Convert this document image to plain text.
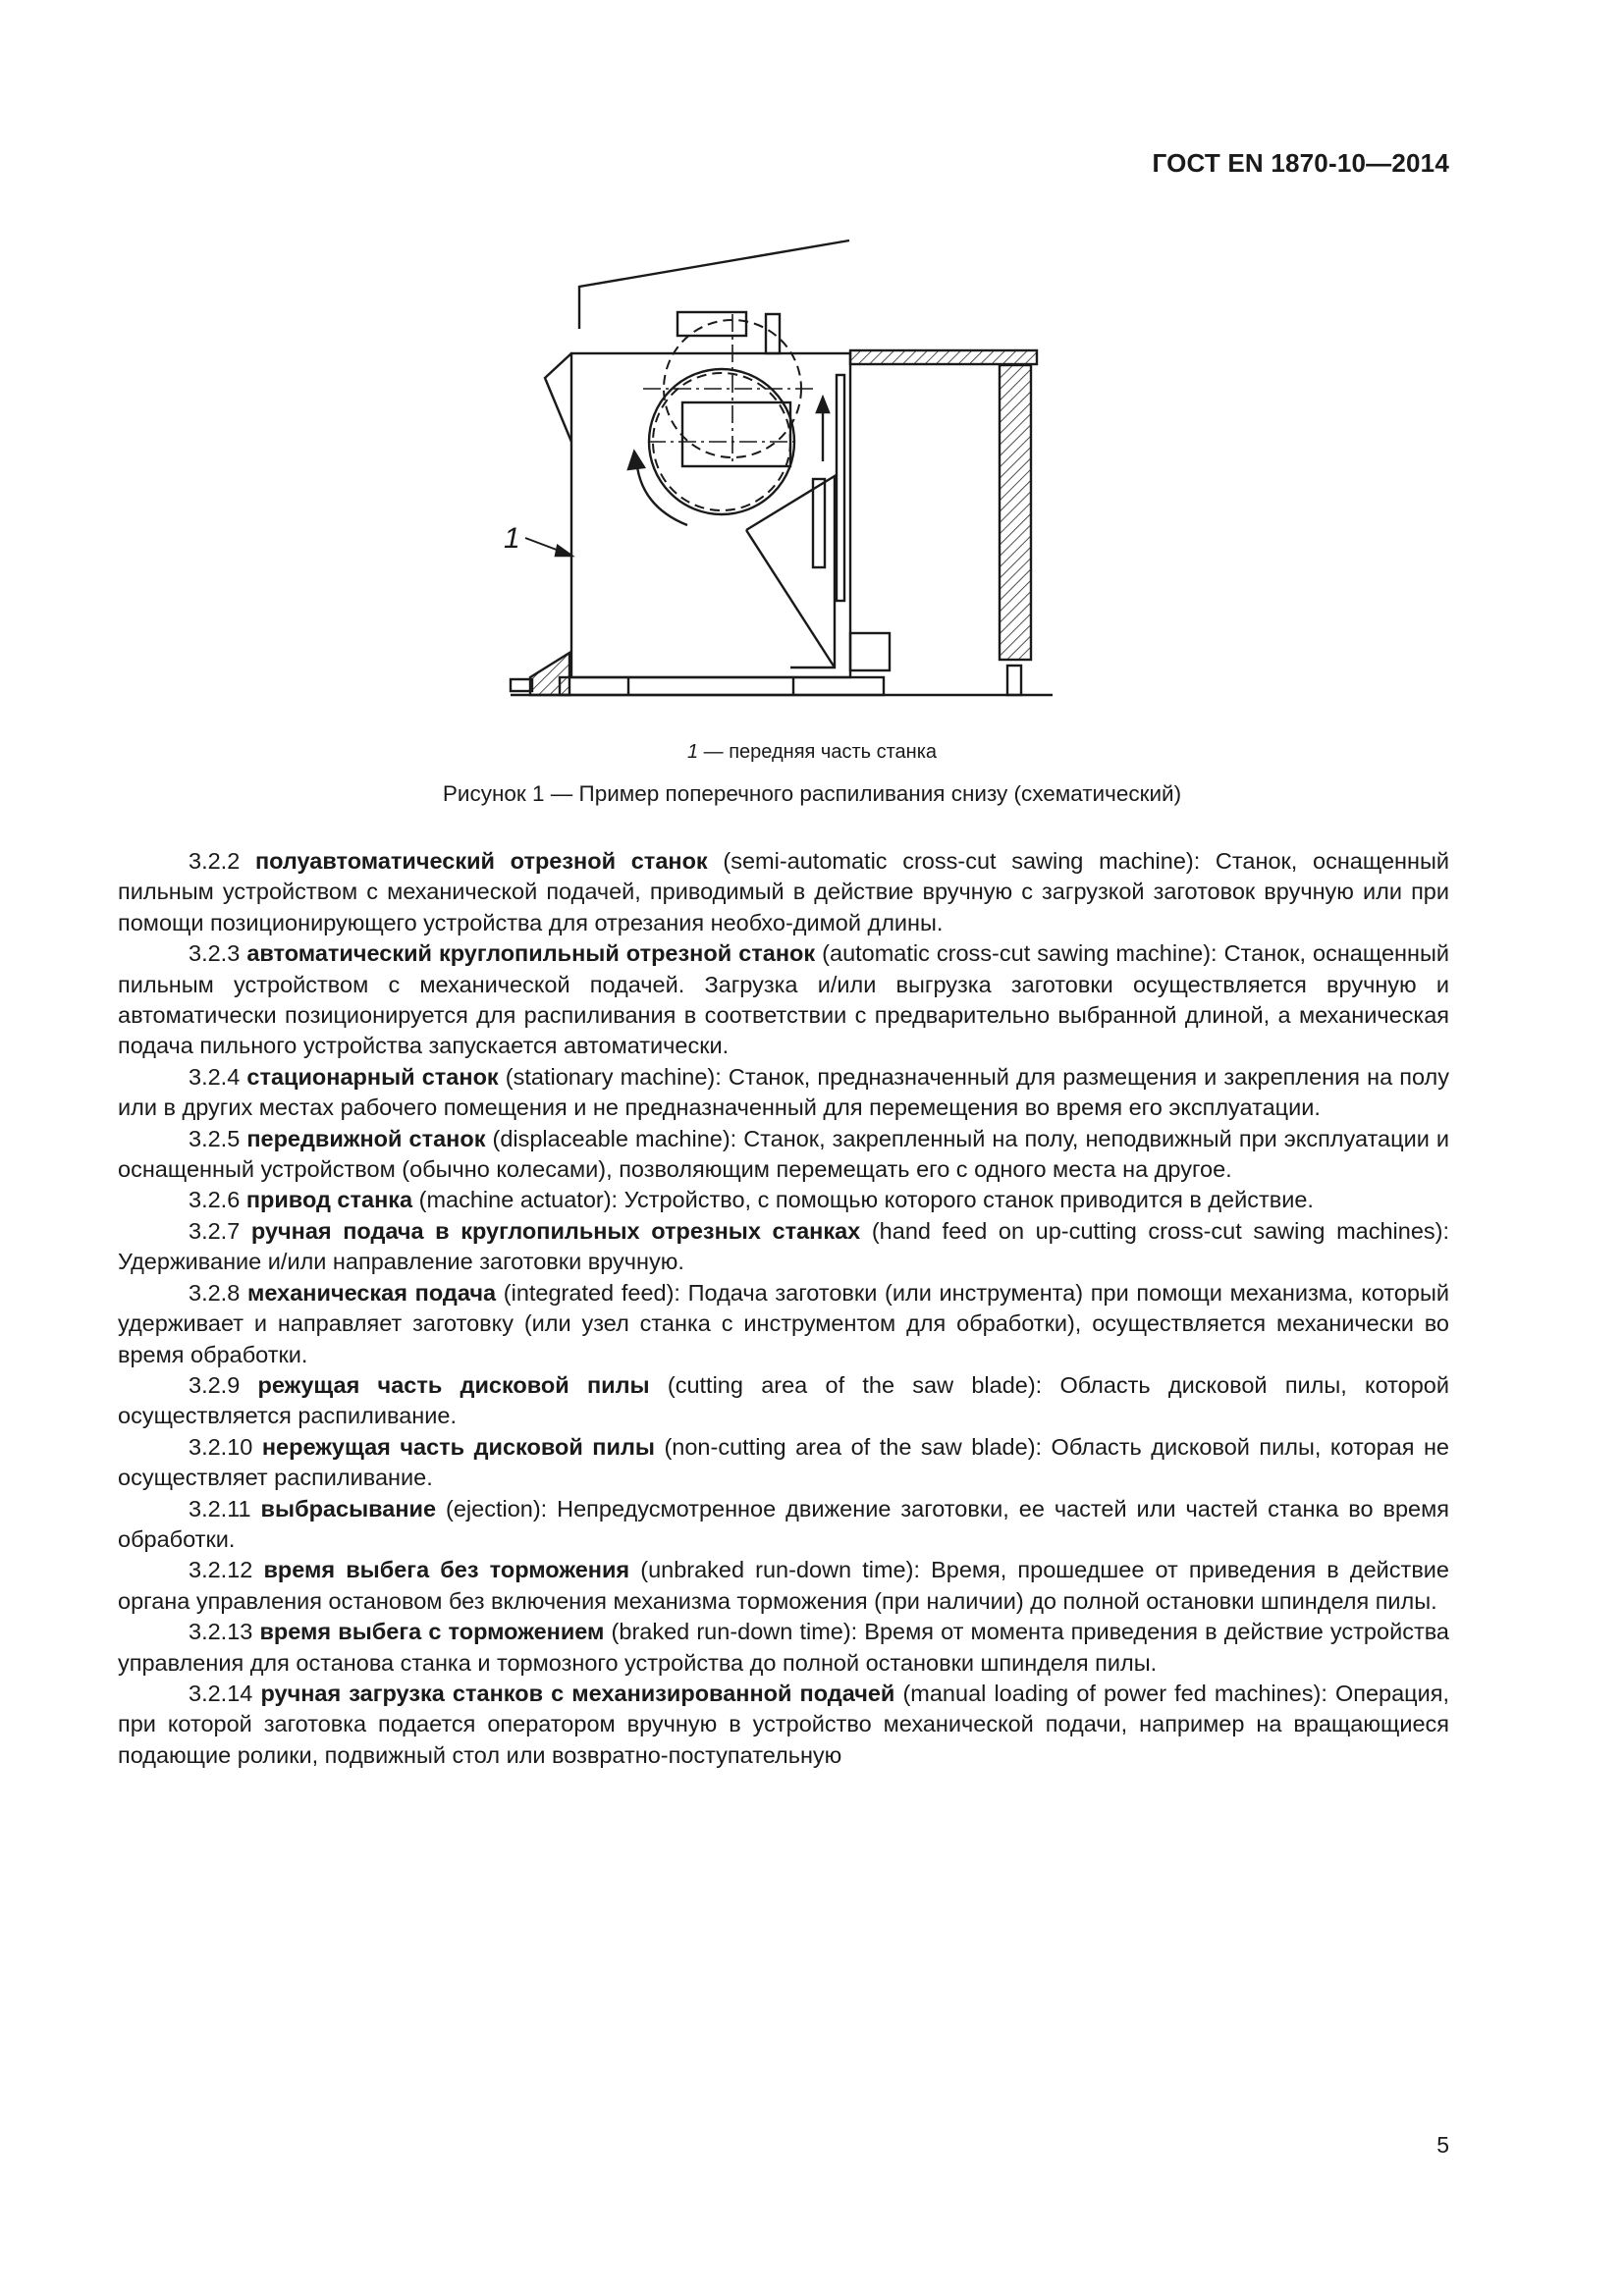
ГОСТ EN 1870-10—2014
1
1 — передняя часть станка
Рисунок 1 — Пример поперечного распиливания снизу (схематический)

3.2.2 полуавтоматический отрезной станок (semi-automatic cross-cut sawing machine): Станок, оснащенный пильным устройством с механической подачей, приводимый в действие вручную с загрузкой заготовок вручную или при помощи позиционирующего устройства для отрезания необхо-димой длины.

3.2.3 автоматический круглопильный отрезной станок (automatic cross-cut sawing machine): Станок, оснащенный пильным устройством с механической подачей. Загрузка и/или выгрузка заготовки осуществляется вручную и автоматически позиционируется для распиливания в соответствии с предварительно выбранной длиной, а механическая подача пильного устройства запускается автоматически.

3.2.4 стационарный станок (stationary machine): Станок, предназначенный для размещения и закрепления на полу или в других местах рабочего помещения и не предназначенный для перемещения во время его эксплуатации.

3.2.5 передвижной станок (displaceable machine): Станок, закрепленный на полу, неподвижный при эксплуатации и оснащенный устройством (обычно колесами), позволяющим перемещать его с одного места на другое.

3.2.6 привод станка (machine actuator): Устройство, с помощью которого станок приводится в действие.

3.2.7 ручная подача в круглопильных отрезных станках (hand feed on up-cutting cross-cut sawing machines): Удерживание и/или направление заготовки вручную.

3.2.8 механическая подача (integrated feed): Подача заготовки (или инструмента) при помощи механизма, который удерживает и направляет заготовку (или узел станка с инструментом для обработки), осуществляется механически во время обработки.

3.2.9 режущая часть дисковой пилы (cutting area of the saw blade): Область дисковой пилы, которой осуществляется распиливание.

3.2.10 нережущая часть дисковой пилы (non-cutting area of the saw blade): Область дисковой пилы, которая не осуществляет распиливание.

3.2.11 выбрасывание (ejection): Непредусмотренное движение заготовки, ее частей или частей станка во время обработки.

3.2.12 время выбега без торможения (unbraked run-down time): Время, прошедшее от приведения в действие органа управления остановом без включения механизма торможения (при наличии) до полной остановки шпинделя пилы.

3.2.13 время выбега с торможением (braked run-down time): Время от момента приведения в действие устройства управления для останова станка и тормозного устройства до полной остановки шпинделя пилы.

3.2.14 ручная загрузка станков с механизированной подачей (manual loading of power fed machines): Операция, при которой заготовка подается оператором вручную в устройство механической подачи, например на вращающиеся подающие ролики, подвижный стол или возвратно-поступательную

5
